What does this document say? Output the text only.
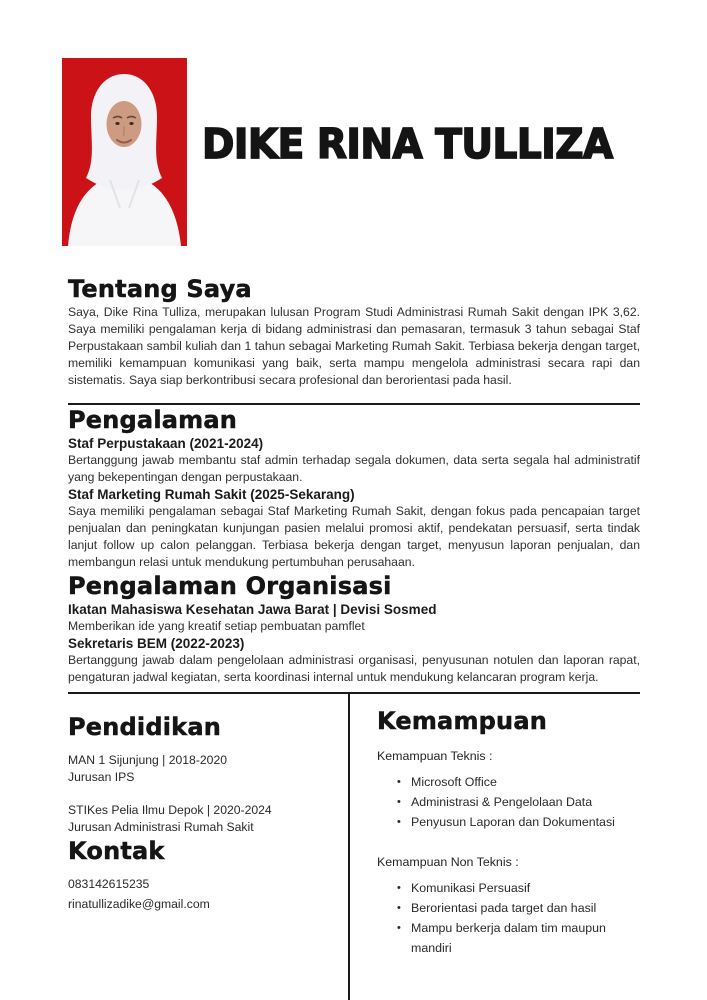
DIKE RINA TULLIZA
Tentang Saya

Saya, Dike Rina Tulliza, merupakan lulusan Program Studi Administrasi Rumah Sakit dengan IPK 3,62. Saya memiliki pengalaman kerja di bidang administrasi dan pemasaran, termasuk 3 tahun sebagai Staf Perpustakaan sambil kuliah dan 1 tahun sebagai Marketing Rumah Sakit. Terbiasa bekerja dengan target, memiliki kemampuan komunikasi yang baik, serta mampu mengelola administrasi secara rapi dan sistematis. Saya siap berkontribusi secara profesional dan berorientasi pada hasil.

Pengalaman
Staf Perpustakaan (2021-2024)

Bertanggung jawab membantu staf admin terhadap segala dokumen, data serta segala hal administratif yang bekepentingan dengan perpustakaan.

Staf Marketing Rumah Sakit (2025-Sekarang)

Saya memiliki pengalaman sebagai Staf Marketing Rumah Sakit, dengan fokus pada pencapaian target penjualan dan peningkatan kunjungan pasien melalui promosi aktif, pendekatan persuasif, serta tindak lanjut follow up calon pelanggan. Terbiasa bekerja dengan target, menyusun laporan penjualan, dan membangun relasi untuk mendukung pertumbuhan perusahaan.

Pengalaman Organisasi
Ikatan Mahasiswa Kesehatan Jawa Barat | Devisi Sosmed

Memberikan ide yang kreatif setiap pembuatan pamflet

Sekretaris BEM (2022-2023)

Bertanggung jawab dalam pengelolaan administrasi organisasi, penyusunan notulen dan laporan rapat, pengaturan jadwal kegiatan, serta koordinasi internal untuk mendukung kelancaran program kerja.

Pendidikan

MAN 1 Sijunjung | 2018-2020

Jurusan IPS

STIKes Pelia Ilmu Depok | 2020-2024

Jurusan Administrasi Rumah Sakit

Kontak

083142615235

rinatullizadike@gmail.com

Kemampuan

Kemampuan Teknis :

• Microsoft Office
• Administrasi & Pengelolaan Data
• Penyusun Laporan dan Dokumentasi

Kemampuan Non Teknis :

• Komunikasi Persuasif
• Berorientasi pada target dan hasil
• Mampu berkerja dalam tim maupun mandiri
